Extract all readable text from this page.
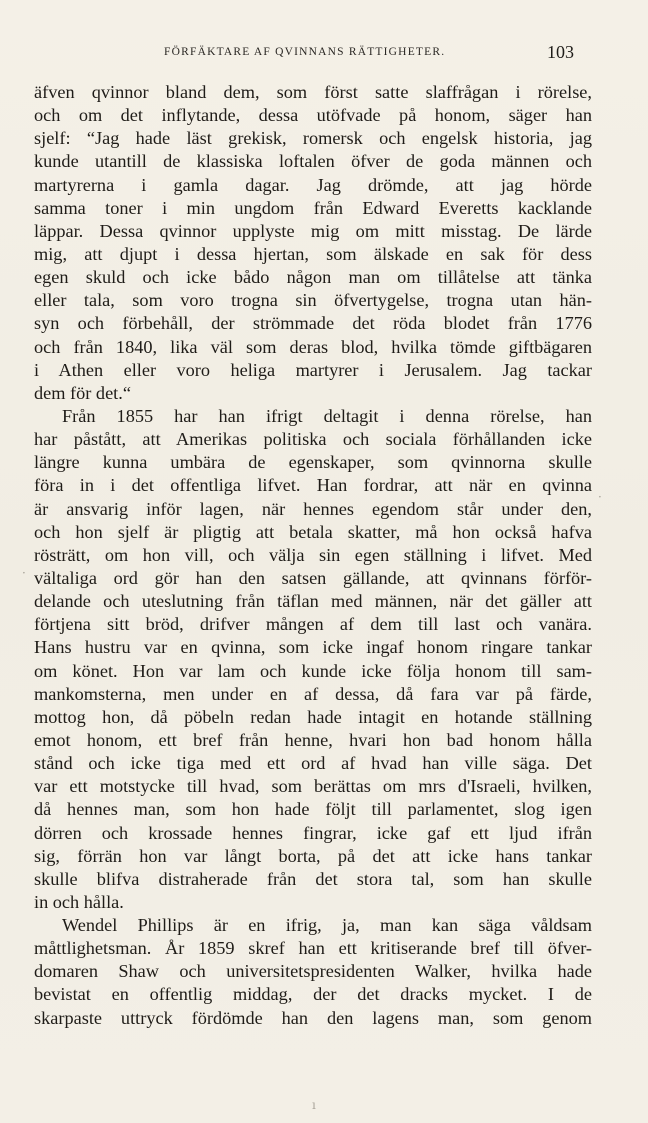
FÖRFÄKTARE AF QVINNANS RÄTTIGHETER.	103
äfven qvinnor bland dem, som först satte slaffrågan i rörelse,
och om det inflytande, dessa utöfvade på honom, säger han
sjelf: “Jag hade läst grekisk, romersk och engelsk historia, jag
kunde utantill de klassiska loftalen öfver de goda männen och
martyrerna i gamla dagar. Jag drömde, att jag hörde
samma toner i min ungdom från Edward Everetts kacklande
läppar. Dessa qvinnor upplyste mig om mitt misstag. De lärde
mig, att djupt i dessa hjertan, som älskade en sak för dess
egen skuld och icke bådo någon man om tillåtelse att tänka
eller tala, som voro trogna sin öfvertygelse, trogna utan hän-
syn och förbehåll, der strömmade det röda blodet från 1776
och från 1840, lika väl som deras blod, hvilka tömde giftbägaren
i Athen eller voro heliga martyrer i Jerusalem. Jag tackar
dem för det.“
Från 1855 har han ifrigt deltagit i denna rörelse, han
har påstått, att Amerikas politiska och sociala förhållanden icke
längre kunna umbära de egenskaper, som qvinnorna skulle
föra in i det offentliga lifvet. Han fordrar, att när en qvinna
är ansvarig inför lagen, när hennes egendom står under den,
och hon sjelf är pligtig att betala skatter, må hon också hafva
rösträtt, om hon vill, och välja sin egen ställning i lifvet. Med
vältaliga ord gör han den satsen gällande, att qvinnans förför-
delande och uteslutning från täflan med männen, när det gäller att
förtjena sitt bröd, drifver mången af dem till last och vanära.
Hans hustru var en qvinna, som icke ingaf honom ringare tankar
om könet. Hon var lam och kunde icke följa honom till sam-
mankomsterna, men under en af dessa, då fara var på färde,
mottog hon, då pöbeln redan hade intagit en hotande ställning
emot honom, ett bref från henne, hvari hon bad honom hålla
stånd och icke tiga med ett ord af hvad han ville säga. Det
var ett motstycke till hvad, som berättas om mrs d'Israeli, hvilken,
då hennes man, som hon hade följt till parlamentet, slog igen
dörren och krossade hennes fingrar, icke gaf ett ljud ifrån
sig, förrän hon var långt borta, på det att icke hans tankar
skulle blifva distraherade från det stora tal, som han skulle
in och hålla.
Wendel Phillips är en ifrig, ja, man kan säga våldsam
måttlighetsman. År 1859 skref han ett kritiserande bref till öfver-
domaren Shaw och universitetspresidenten Walker, hvilka hade
bevistat en offentlig middag, der det dracks mycket. I de
skarpaste uttryck fördömde han den lagens man, som genom
ı
·
·
